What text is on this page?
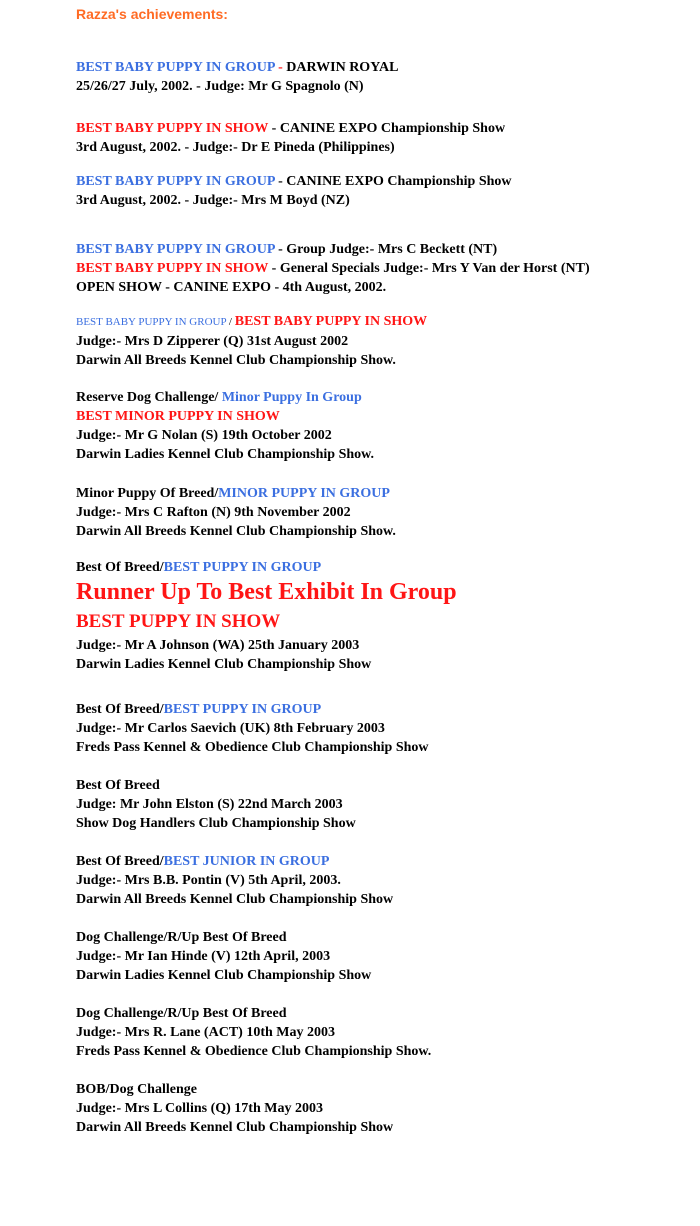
Razza's achievements:
BEST BABY PUPPY IN GROUP - DARWIN ROYAL
25/26/27 July, 2002. - Judge: Mr G Spagnolo (N)
BEST BABY PUPPY IN SHOW - CANINE EXPO Championship Show
3rd August, 2002. - Judge:- Dr E Pineda (Philippines)
BEST BABY PUPPY IN GROUP - CANINE EXPO Championship Show
3rd August, 2002. - Judge:- Mrs M Boyd (NZ)
BEST BABY PUPPY IN GROUP - Group Judge:- Mrs C Beckett (NT)
BEST BABY PUPPY IN SHOW - General Specials Judge:- Mrs Y Van der Horst (NT)
OPEN SHOW - CANINE EXPO - 4th August, 2002.
BEST BABY PUPPY IN GROUP / BEST BABY PUPPY IN SHOW
Judge:- Mrs D Zipperer (Q) 31st August 2002
Darwin All Breeds Kennel Club Championship Show.
Reserve Dog Challenge/ Minor Puppy In Group
BEST MINOR PUPPY IN SHOW
Judge:- Mr G Nolan (S) 19th October 2002
Darwin Ladies Kennel Club Championship Show.
Minor Puppy Of Breed/MINOR PUPPY IN GROUP
Judge:- Mrs C Rafton (N) 9th November 2002
Darwin All Breeds Kennel Club Championship Show.
Best Of Breed/BEST PUPPY IN GROUP
Runner Up To Best Exhibit In Group
BEST PUPPY IN SHOW
Judge:- Mr A Johnson (WA) 25th January 2003
Darwin Ladies Kennel Club Championship Show
Best Of Breed/BEST PUPPY IN GROUP
Judge:- Mr Carlos Saevich (UK) 8th February 2003
Freds Pass Kennel & Obedience Club Championship Show
Best Of Breed
Judge: Mr John Elston (S) 22nd March 2003
Show Dog Handlers Club Championship Show
Best Of Breed/BEST JUNIOR IN GROUP
Judge:- Mrs B.B. Pontin (V) 5th April, 2003.
Darwin All Breeds Kennel Club Championship Show
Dog Challenge/R/Up Best Of Breed
Judge:- Mr Ian Hinde (V) 12th April, 2003
Darwin Ladies Kennel Club Championship Show
Dog Challenge/R/Up Best Of Breed
Judge:- Mrs R. Lane (ACT) 10th May 2003
Freds Pass Kennel & Obedience Club Championship Show.
BOB/Dog Challenge
Judge:- Mrs L Collins (Q) 17th May 2003
Darwin All Breeds Kennel Club Championship Show
